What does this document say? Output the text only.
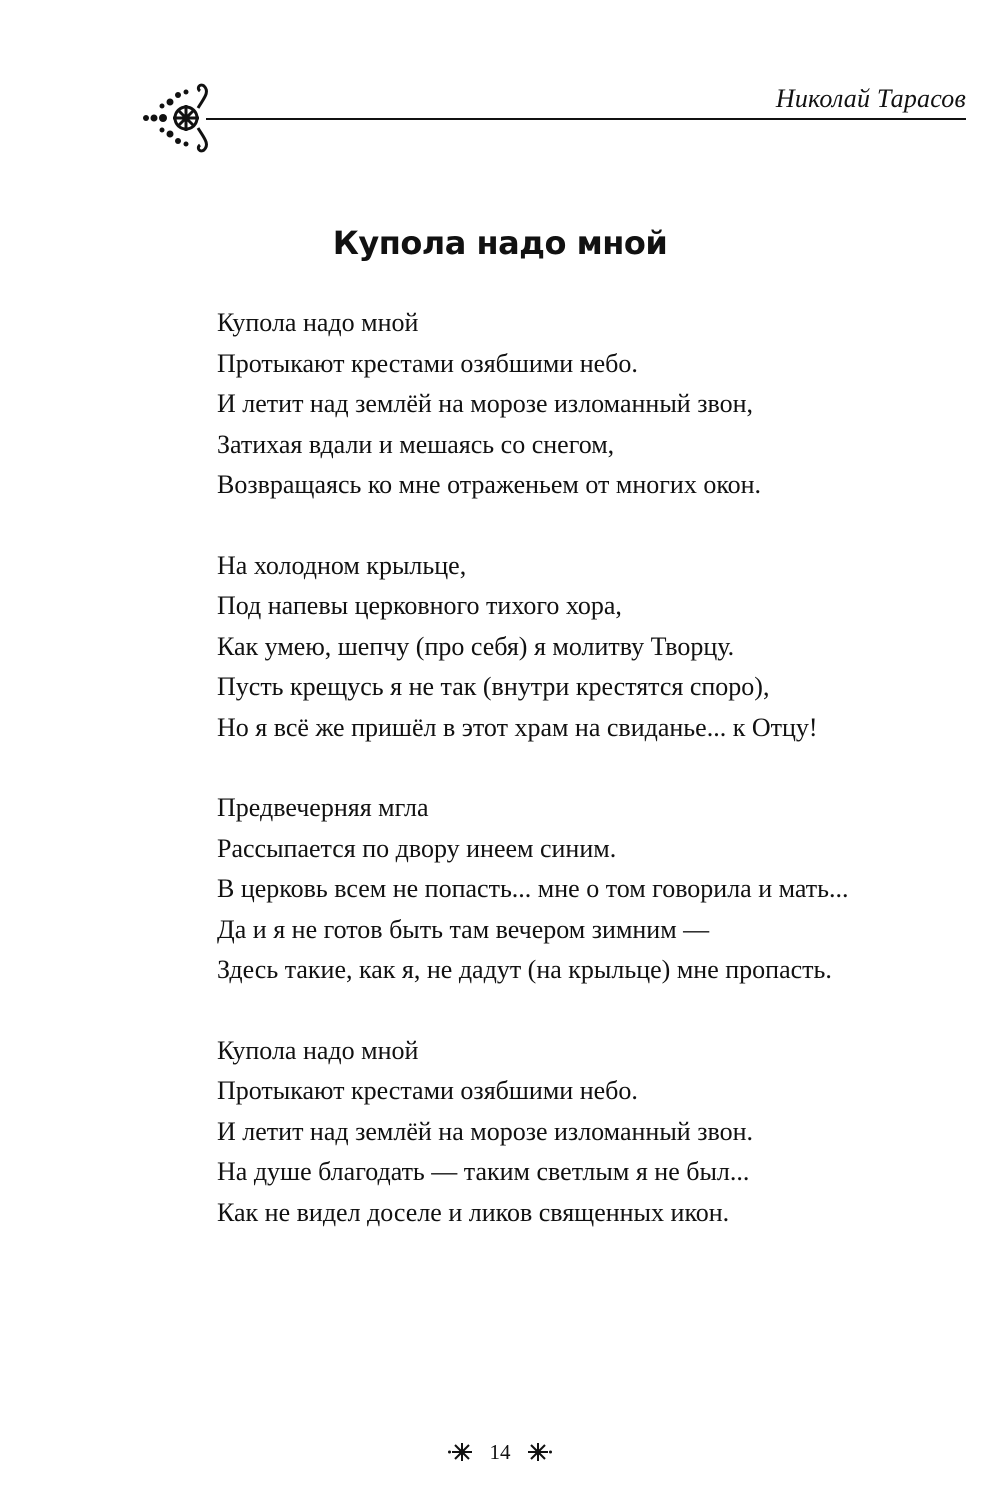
Николай Тарасов
Купола надо мной
Купола надо мной
Протыкают крестами озябшими небо.
И летит над землёй на морозе изломанный звон,
Затихая вдали и мешаясь со снегом,
Возвращаясь ко мне отраженьем от многих окон.
На холодном крыльце,
Под напевы церковного тихого хора,
Как умею, шепчу (про себя) я молитву Творцу.
Пусть крещусь я не так (внутри крестятся споро),
Но я всё же пришёл в этот храм на свиданье... к Отцу!
Предвечерняя мгла
Рассыпается по двору инеем синим.
В церковь всем не попасть... мне о том говорила и мать...
Да и я не готов быть там вечером зимним —
Здесь такие, как я, не дадут (на крыльце) мне пропасть.
Купола надо мной
Протыкают крестами озябшими небо.
И летит над землёй на морозе изломанный звон.
На душе благодать — таким светлым я не был...
Как не видел доселе и ликов священных икон.
14
